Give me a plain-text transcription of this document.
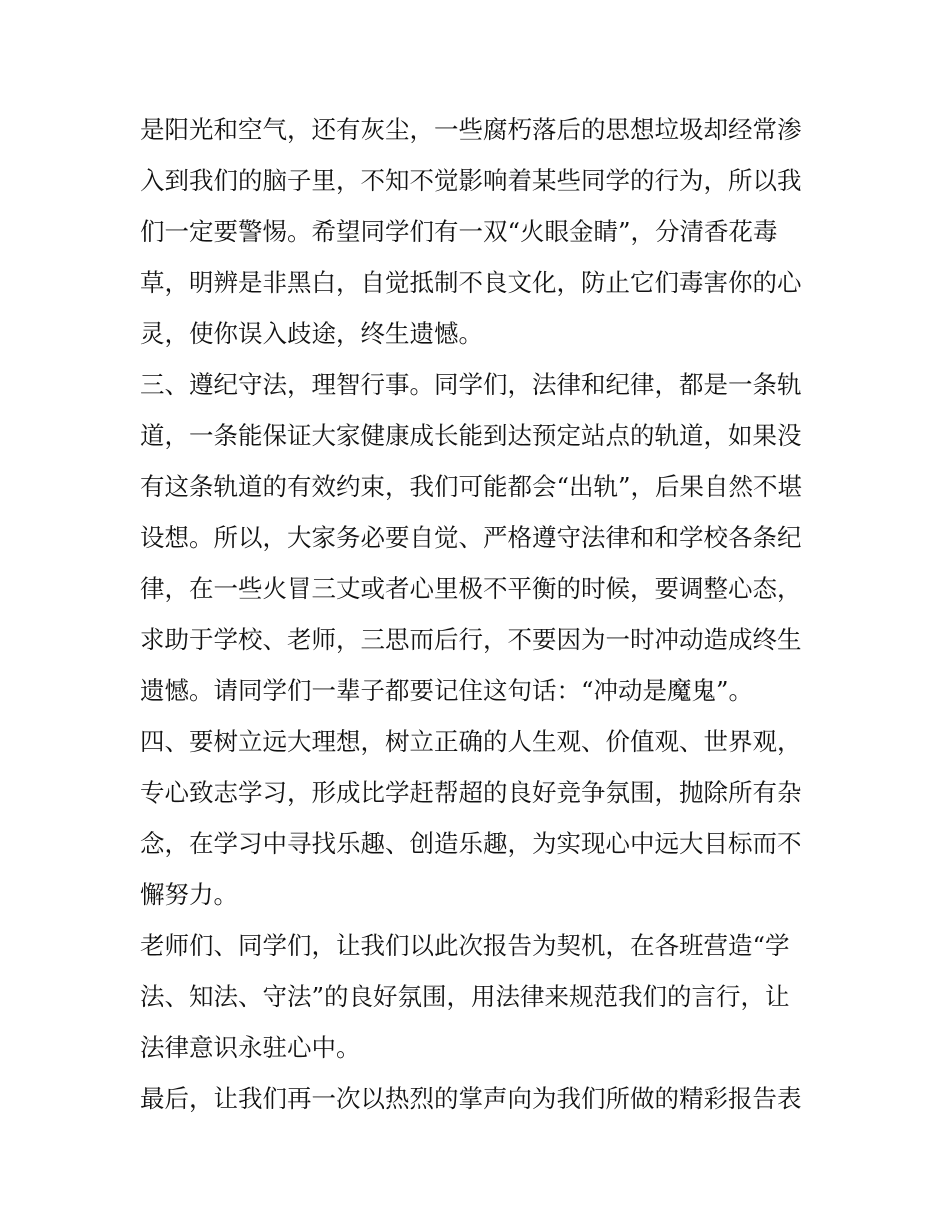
是阳光和空气，还有灰尘，一些腐朽落后的思想垃圾却经常渗
入到我们的脑子里，不知不觉影响着某些同学的行为，所以我
们一定要警惕。希望同学们有一双“火眼金睛”，分清香花毒
草，明辨是非黑白，自觉抵制不良文化，防止它们毒害你的心
灵，使你误入歧途，终生遗憾。
三、遵纪守法，理智行事。同学们，法律和纪律，都是一条轨
道，一条能保证大家健康成长能到达预定站点的轨道，如果没
有这条轨道的有效约束，我们可能都会“出轨”，后果自然不堪
设想。所以，大家务必要自觉、严格遵守法律和和学校各条纪
律，在一些火冒三丈或者心里极不平衡的时候，要调整心态，
求助于学校、老师，三思而后行，不要因为一时冲动造成终生
遗憾。请同学们一辈子都要记住这句话：“冲动是魔鬼”。
四、要树立远大理想，树立正确的人生观、价值观、世界观，
专心致志学习，形成比学赶帮超的良好竞争氛围，抛除所有杂
念，在学习中寻找乐趣、创造乐趣，为实现心中远大目标而不
懈努力。
老师们、同学们，让我们以此次报告为契机，在各班营造“学
法、知法、守法”的良好氛围，用法律来规范我们的言行，让
法律意识永驻心中。
最后，让我们再一次以热烈的掌声向为我们所做的精彩报告表
